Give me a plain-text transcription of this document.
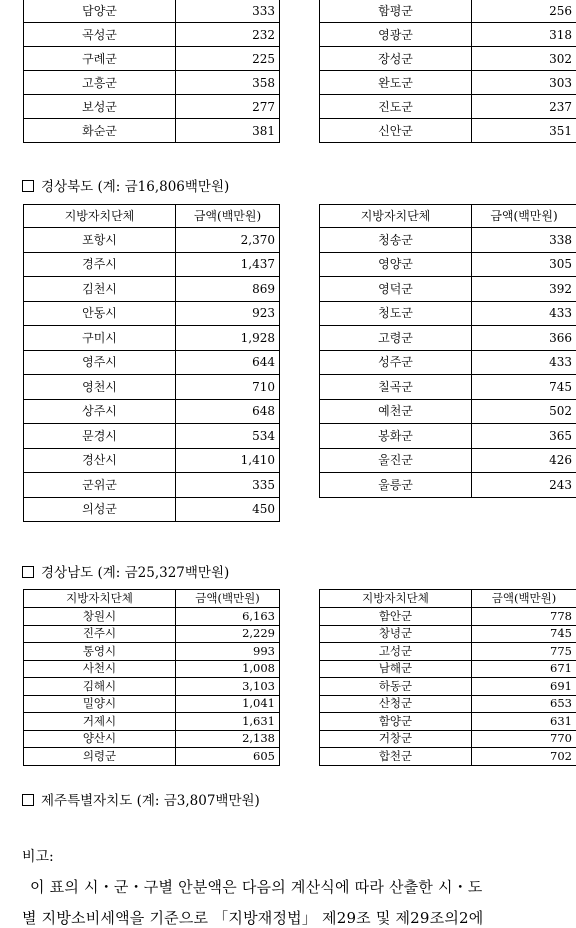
담양군	333
곡성군	232
구례군	225
고흥군	358
보성군	277
화순군	381
함평군	256
영광군	318
장성군	302
완도군	303
진도군	237
신안군	351
경상북도 (계: 금16,806백만원)
지방자치단체	금액(백만원)
포항시	2,370
경주시	1,437
김천시	869
안동시	923
구미시	1,928
영주시	644
영천시	710
상주시	648
문경시	534
경산시	1,410
군위군	335
의성군	450
지방자치단체	금액(백만원)
청송군	338
영양군	305
영덕군	392
청도군	433
고령군	366
성주군	433
칠곡군	745
예천군	502
봉화군	365
울진군	426
울릉군	243
경상남도 (계: 금25,327백만원)
지방자치단체	금액(백만원)
창원시	6,163
진주시	2,229
통영시	993
사천시	1,008
김해시	3,103
밀양시	1,041
거제시	1,631
양산시	2,138
의령군	605
지방자치단체	금액(백만원)
함안군	778
창녕군	745
고성군	775
남해군	671
하동군	691
산청군	653
함양군	631
거창군	770
합천군	702
제주특별자치도 (계: 금3,807백만원)
비고:
이 표의 시・군・구별 안분액은 다음의 계산식에 따라 산출한 시・도
별 지방소비세액을 기준으로 「지방재정법」 제29조 및 제29조의2에
